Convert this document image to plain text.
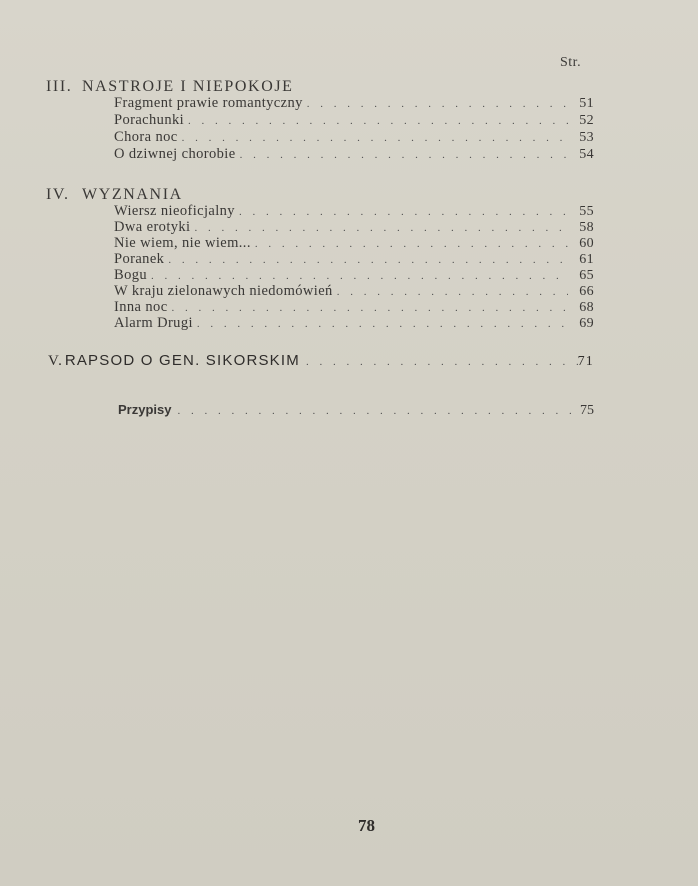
Str.
III. NASTROJE I NIEPOKOJE
Fragment prawie romantyczny . . .	51
Porachunki . . .	52
Chora noc . . .	53
O dziwnej chorobie . . .	54
IV. WYZNANIA
Wiersz nieoficjalny . . .	55
Dwa erotyki . . .	58
Nie wiem, nie wiem... . . .	60
Poranek . . .	61
Bogu . . .	65
W kraju zielonawych niedomówień . . .	66
Inna noc . . .	68
Alarm Drugi . . .	69
V. RAPSOD O GEN. SIKORSKIM . . .	71
Przypisy . . .	75
78
